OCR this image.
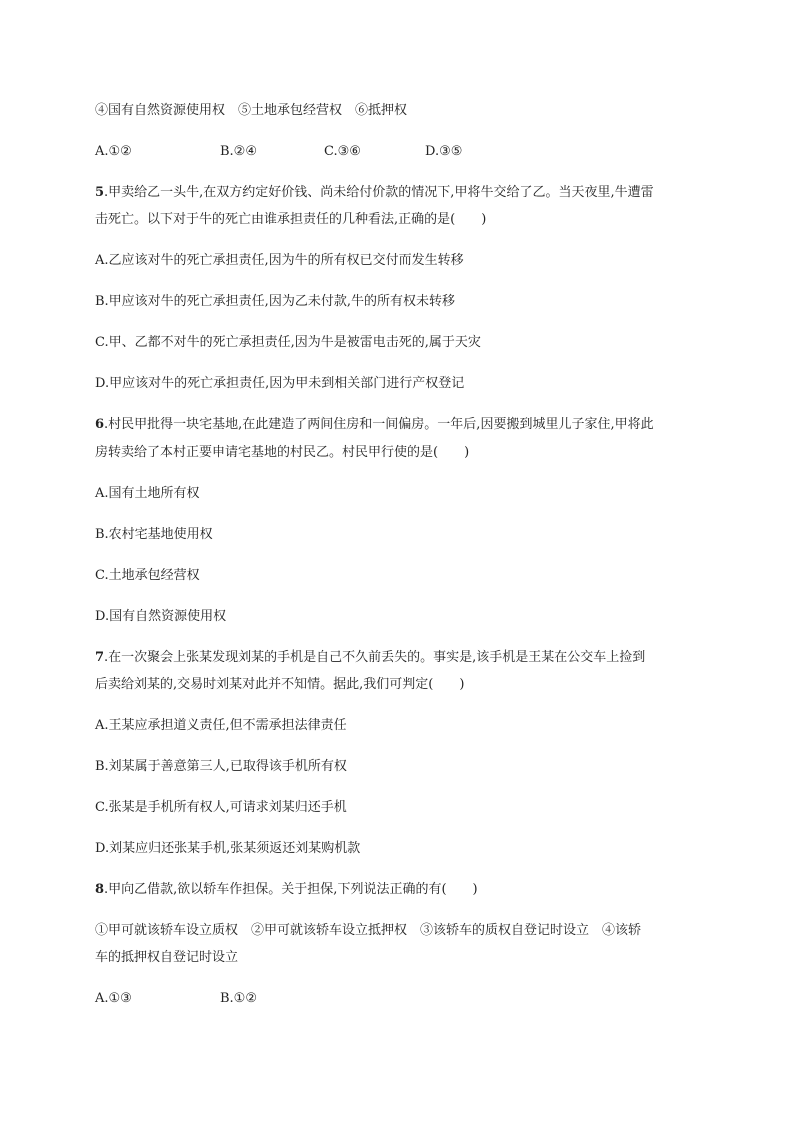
④国有自然资源使用权　⑤土地承包经营权　⑥抵押权
A.①②	B.②④	C.③⑥	D.③⑤
5.甲卖给乙一头牛,在双方约定好价钱、尚未给付价款的情况下,甲将牛交给了乙。当天夜里,牛遭雷
击死亡。以下对于牛的死亡由谁承担责任的几种看法,正确的是(　　)
A.乙应该对牛的死亡承担责任,因为牛的所有权已交付而发生转移
B.甲应该对牛的死亡承担责任,因为乙未付款,牛的所有权未转移
C.甲、乙都不对牛的死亡承担责任,因为牛是被雷电击死的,属于天灾
D.甲应该对牛的死亡承担责任,因为甲未到相关部门进行产权登记
6.村民甲批得一块宅基地,在此建造了两间住房和一间偏房。一年后,因要搬到城里儿子家住,甲将此
房转卖给了本村正要申请宅基地的村民乙。村民甲行使的是(　　)
A.国有土地所有权
B.农村宅基地使用权
C.土地承包经营权
D.国有自然资源使用权
7.在一次聚会上张某发现刘某的手机是自己不久前丢失的。事实是,该手机是王某在公交车上捡到
后卖给刘某的,交易时刘某对此并不知情。据此,我们可判定(　　)
A.王某应承担道义责任,但不需承担法律责任
B.刘某属于善意第三人,已取得该手机所有权
C.张某是手机所有权人,可请求刘某归还手机
D.刘某应归还张某手机,张某须返还刘某购机款
8.甲向乙借款,欲以轿车作担保。关于担保,下列说法正确的有(　　)
①甲可就该轿车设立质权　②甲可就该轿车设立抵押权　③该轿车的质权自登记时设立　④该轿
车的抵押权自登记时设立
A.①③	B.①②
